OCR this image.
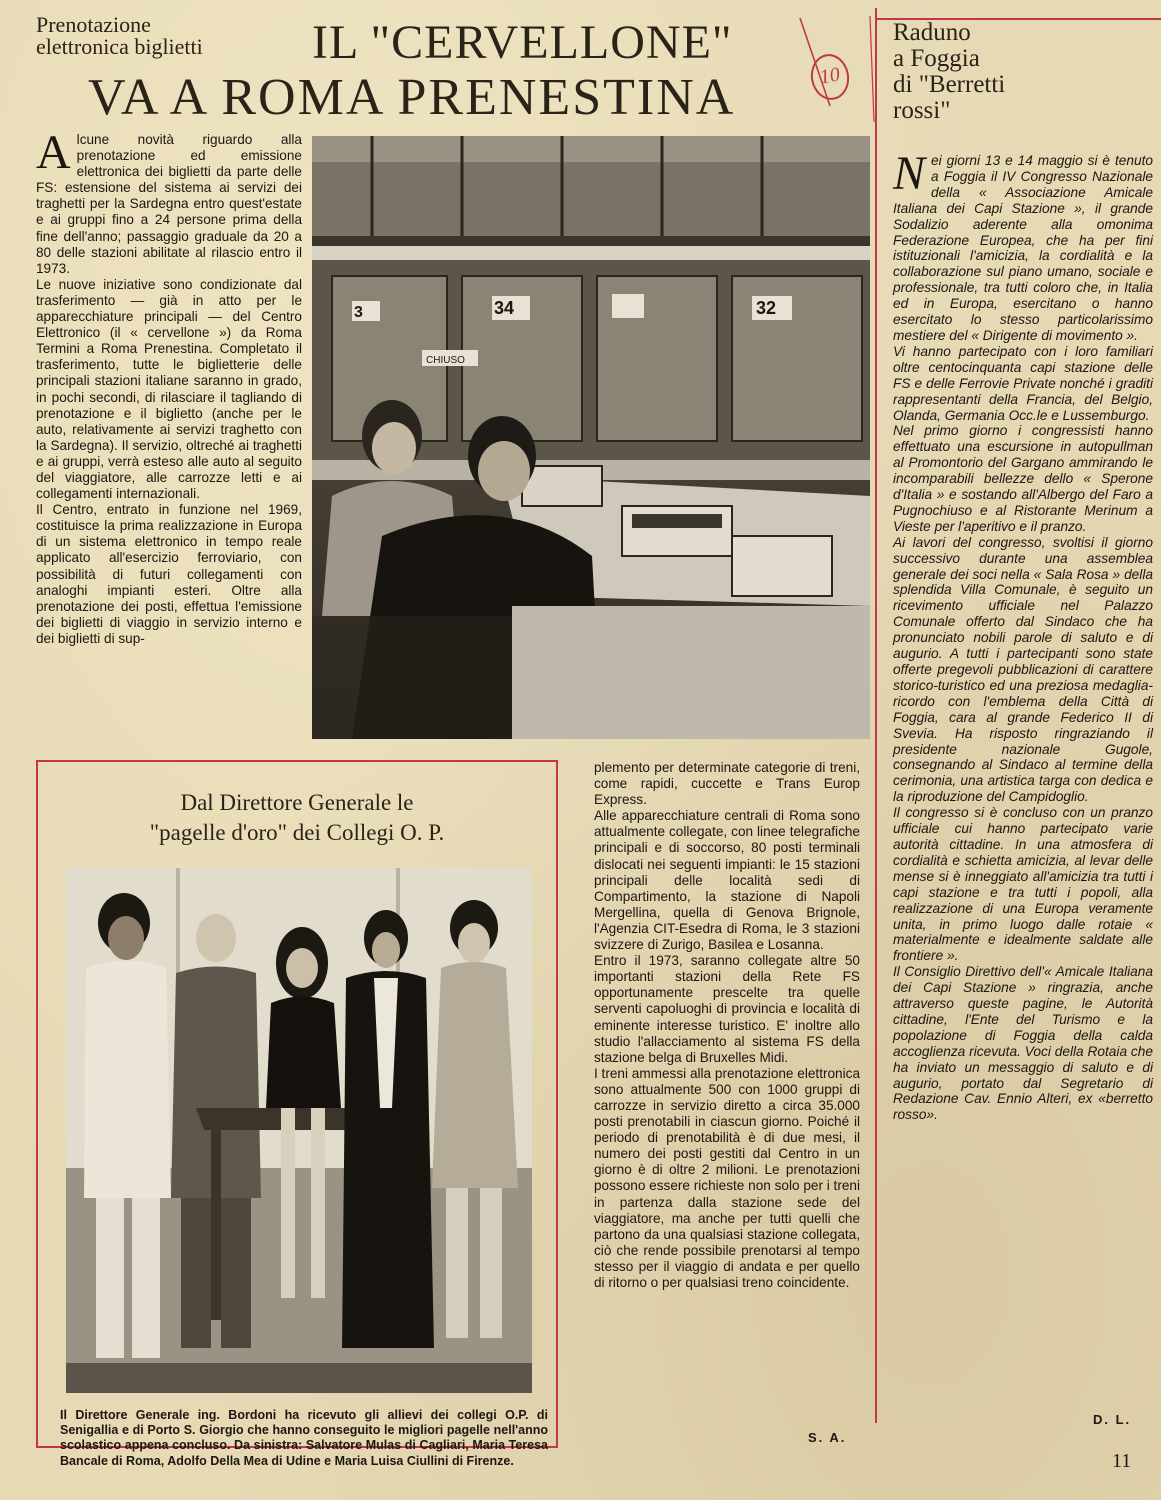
Prenotazione
elettronica biglietti	IL "CERVELLONE"
VA A ROMA PRENESTINA	10

Alcune novità riguardo alla prenotazione ed emissione elettronica dei biglietti da parte delle FS: estensione del sistema ai servizi dei traghetti per la Sardegna entro quest'estate e ai gruppi fino a 24 persone prima della fine dell'anno; passaggio graduale da 20 a 80 delle stazioni abilitate al rilascio entro il 1973.

Le nuove iniziative sono condizionate dal trasferimento — già in atto per le apparecchiature principali — del Centro Elettronico (il « cervellone ») da Roma Termini a Roma Prenestina. Completato il trasferimento, tutte le biglietterie delle principali stazioni italiane saranno in grado, in pochi secondi, di rilasciare il tagliando di prenotazione e il biglietto (anche per le auto, relativamente ai servizi traghetto con la Sardegna). Il servizio, oltreché ai traghetti e ai gruppi, verrà esteso alle auto al seguito del viaggiatore, alle carrozze letti e ai collegamenti internazionali.

Il Centro, entrato in funzione nel 1969, costituisce la prima realizzazione in Europa di un sistema elettronico in tempo reale applicato all'esercizio ferroviario, con possibilità di futuri collegamenti con analoghi impianti esteri. Oltre alla prenotazione dei posti, effettua l'emissione dei biglietti di viaggio in servizio interno e dei biglietti di sup-

3	34	32
CHIUSO
Dal Direttore Generale le
"pagelle d'oro" dei Collegi O. P.

Il Direttore Generale ing. Bordoni ha ricevuto gli allievi dei collegi O.P. di Senigallia e di Porto S. Giorgio che hanno conseguito le migliori pagelle nell'anno scolastico appena concluso. Da sinistra: Salvatore Mulas di Cagliari, Maria Teresa Bancale di Roma, Adolfo Della Mea di Udine e Maria Luisa Ciullini di Firenze.

plemento per determinate categorie di treni, come rapidi, cuccette e Trans Europ Express.

Alle apparecchiature centrali di Roma sono attualmente collegate, con linee telegrafiche principali e di soccorso, 80 posti terminali dislocati nei seguenti impianti: le 15 stazioni principali delle località sedi di Compartimento, la stazione di Napoli Mergellina, quella di Genova Brignole, l'Agenzia CIT-Esedra di Roma, le 3 stazioni svizzere di Zurigo, Basilea e Losanna.

Entro il 1973, saranno collegate altre 50 importanti stazioni della Rete FS opportunamente prescelte tra quelle serventi capoluoghi di provincia e località di eminente interesse turistico. E' inoltre allo studio l'allacciamento al sistema FS della stazione belga di Bruxelles Midi.

I treni ammessi alla prenotazione elettronica sono attualmente 500 con 1000 gruppi di carrozze in servizio diretto a circa 35.000 posti prenotabili in ciascun giorno. Poiché il periodo di prenotabilità è di due mesi, il numero dei posti gestiti dal Centro in un giorno è di oltre 2 milioni. Le prenotazioni possono essere richieste non solo per i treni in partenza dalla stazione sede del viaggiatore, ma anche per tutti quelli che partono da una qualsiasi stazione collegata, ciò che rende possibile prenotarsi al tempo stesso per il viaggio di andata e per quello di ritorno o per qualsiasi treno coincidente.

S. A.
Raduno
a Foggia
di "Berretti
rossi"

Nei giorni 13 e 14 maggio si è tenuto a Foggia il IV Congresso Nazionale della « Associazione Amicale Italiana dei Capi Stazione », il grande Sodalizio aderente alla omonima Federazione Europea, che ha per fini istituzionali l'amicizia, la cordialità e la collaborazione sul piano umano, sociale e professionale, tra tutti coloro che, in Italia ed in Europa, esercitano o hanno esercitato lo stesso particolarissimo mestiere del « Dirigente di movimento ».

Vi hanno partecipato con i loro familiari oltre centocinquanta capi stazione delle FS e delle Ferrovie Private nonché i graditi rappresentanti della Francia, del Belgio, Olanda, Germania Occ.le e Lussemburgo.

Nel primo giorno i congressisti hanno effettuato una escursione in autopullman al Promontorio del Gargano ammirando le incomparabili bellezze dello « Sperone d'Italia » e sostando all'Albergo del Faro a Pugnochiuso e al Ristorante Merinum a Vieste per l'aperitivo e il pranzo.

Ai lavori del congresso, svoltisi il giorno successivo durante una assemblea generale dei soci nella « Sala Rosa » della splendida Villa Comunale, è seguito un ricevimento ufficiale nel Palazzo Comunale offerto dal Sindaco che ha pronunciato nobili parole di saluto e di augurio. A tutti i partecipanti sono state offerte pregevoli pubblicazioni di carattere storico-turistico ed una preziosa medaglia-ricordo con l'emblema della Città di Foggia, cara al grande Federico II di Svevia. Ha risposto ringraziando il presidente nazionale Gugole, consegnando al Sindaco al termine della cerimonia, una artistica targa con dedica e la riproduzione del Campidoglio.

Il congresso si è concluso con un pranzo ufficiale cui hanno partecipato varie autorità cittadine. In una atmosfera di cordialità e schietta amicizia, al levar delle mense si è inneggiato all'amicizia tra tutti i capi stazione e tra tutti i popoli, alla realizzazione di una Europa veramente unita, in primo luogo dalle rotaie « materialmente e idealmente saldate alle frontiere ».

Il Consiglio Direttivo dell'« Amicale Italiana dei Capi Stazione » ringrazia, anche attraverso queste pagine, le Autorità cittadine, l'Ente del Turismo e la popolazione di Foggia della calda accoglienza ricevuta. Voci della Rotaia che ha inviato un messaggio di saluto e di augurio, portato dal Segretario di Redazione Cav. Ennio Alteri, ex «berretto rosso».

D. L.
11
